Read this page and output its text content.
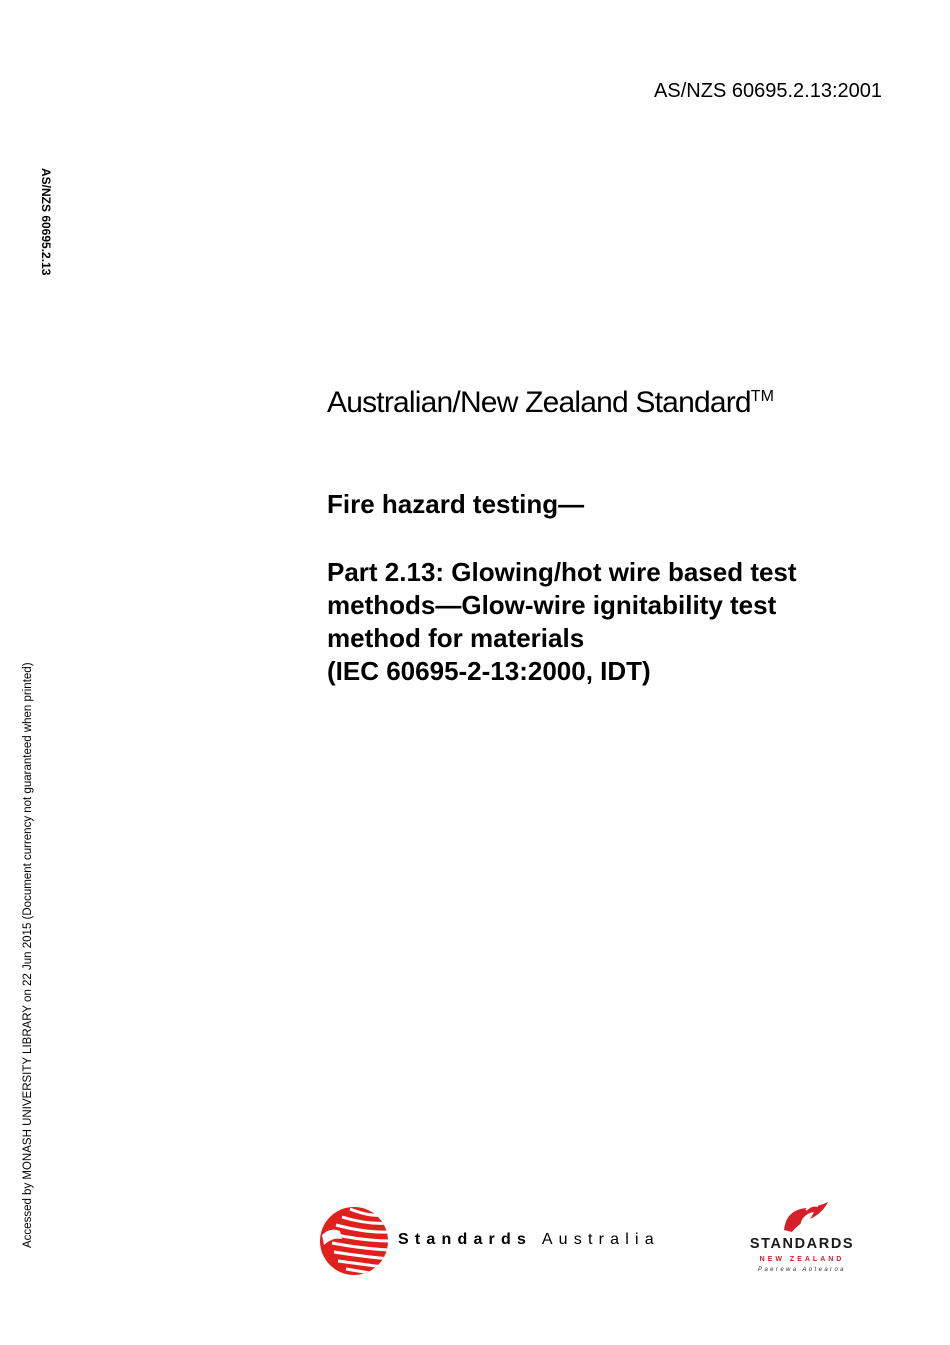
AS/NZS 60695.2.13:2001
AS/NZS 60695.2.13
Accessed by MONASH UNIVERSITY LIBRARY on 22 Jun 2015 (Document currency not guaranteed when printed)
Australian/New Zealand Standard™
Fire hazard testing—
Part 2.13: Glowing/hot wire based test
methods—Glow-wire ignitability test
method for materials
(IEC 60695-2-13:2000, IDT)
Standards Australia	STANDARDS
NEW ZEALAND
Paerewa Aotearoa
